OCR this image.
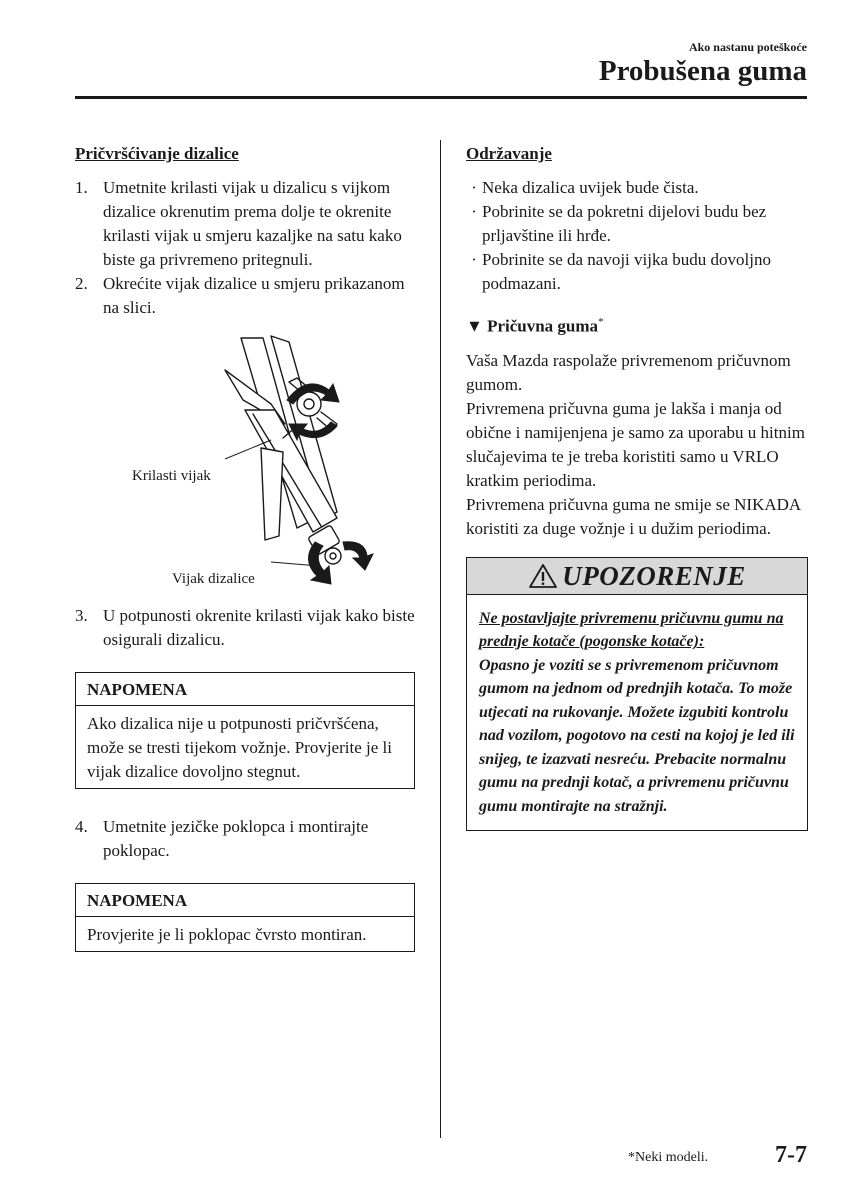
Ako nastanu poteškoće
Probušena guma
Pričvršćivanje dizalice
1. Umetnite krilasti vijak u dizalicu s vijkom dizalice okrenutim prema dolje te okrenite krilasti vijak u smjeru kazaljke na satu kako biste ga privremeno pritegnuli.
2. Okrećite vijak dizalice u smjeru prikazanom na slici.
3. U potpunosti okrenite krilasti vijak kako biste osigurali dizalicu.
NAPOMENA
Ako dizalica nije u potpunosti pričvršćena, može se tresti tijekom vožnje. Provjerite je li vijak dizalice dovoljno stegnut.
4. Umetnite jezičke poklopca i montirajte poklopac.
NAPOMENA
Provjerite je li poklopac čvrsto montiran.
Krilasti vijak
Vijak dizalice
Održavanje
· Neka dizalica uvijek bude čista.
· Pobrinite se da pokretni dijelovi budu bez prljavštine ili hrđe.
· Pobrinite se da navoji vijka budu dovoljno podmazani.
▼ Pričuvna guma*

Vaša Mazda raspolaže privremenom pričuvnom gumom.

Privremena pričuvna guma je lakša i manja od obične i namijenjena je samo za uporabu u hitnim slučajevima te je treba koristiti samo u VRLO kratkim periodima.

Privremena pričuvna guma ne smije se NIKADA koristiti za duge vožnje i u dužim periodima.

UPOZORENJE
Ne postavljajte privremenu pričuvnu gumu na prednje kotače (pogonske kotače):
Opasno je voziti se s privremenom pričuvnom gumom na jednom od prednjih kotača. To može utjecati na rukovanje. Možete izgubiti kontrolu nad vozilom, pogotovo na cesti na kojoj je led ili snijeg, te izazvati nesreću. Prebacite normalnu gumu na prednji kotač, a privremenu pričuvnu gumu montirajte na stražnji.
*Neki modeli.	7-7
